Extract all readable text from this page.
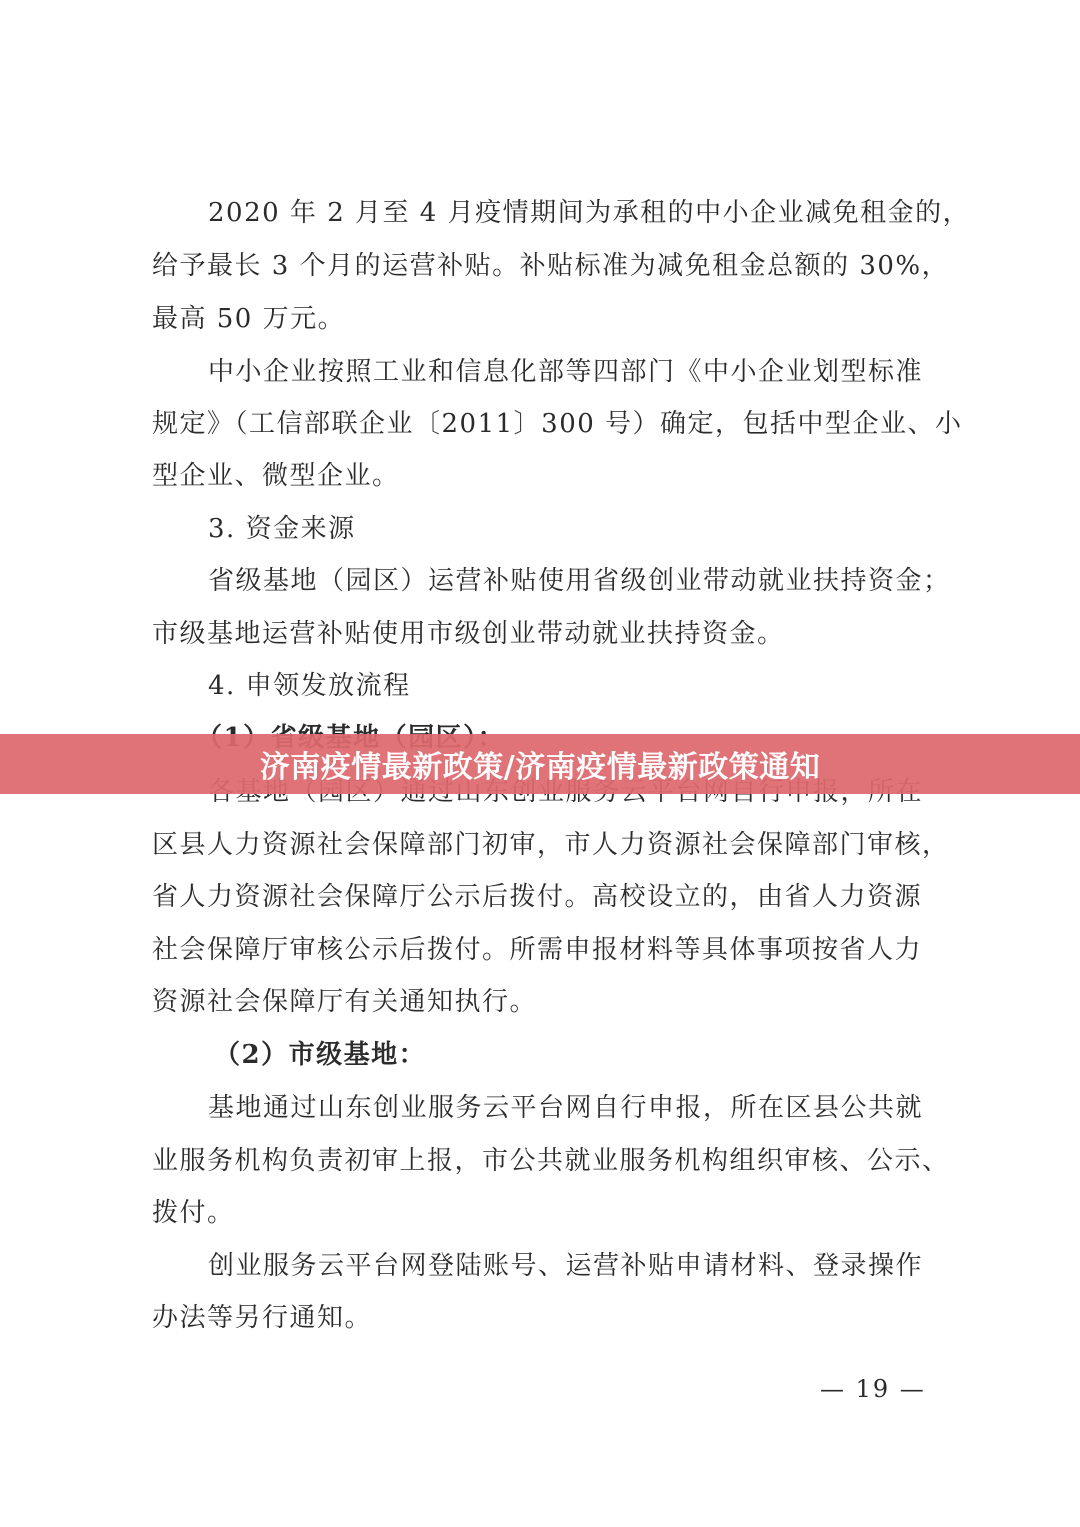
2020 年 2 月至 4 月疫情期间为承租的中小企业减免租金的，
给予最长 3 个月的运营补贴。补贴标准为减免租金总额的 30%，
最高 50 万元。
中小企业按照工业和信息化部等四部门《中小企业划型标准
规定》（工信部联企业〔2011〕300 号）确定，包括中型企业、小
型企业、微型企业。
3. 资金来源
省级基地（园区）运营补贴使用省级创业带动就业扶持资金；
市级基地运营补贴使用市级创业带动就业扶持资金。
4. 申领发放流程
区县人力资源社会保障部门初审，市人力资源社会保障部门审核，
省人力资源社会保障厅公示后拨付。高校设立的，由省人力资源
社会保障厅审核公示后拨付。所需申报材料等具体事项按省人力
资源社会保障厅有关通知执行。
（2）市级基地：
基地通过山东创业服务云平台网自行申报，所在区县公共就
业服务机构负责初审上报，市公共就业服务机构组织审核、公示、
拨付。
创业服务云平台网登陆账号、运营补贴申请材料、登录操作
办法等另行通知。
— 19 —
济南疫情最新政策/济南疫情最新政策通知
